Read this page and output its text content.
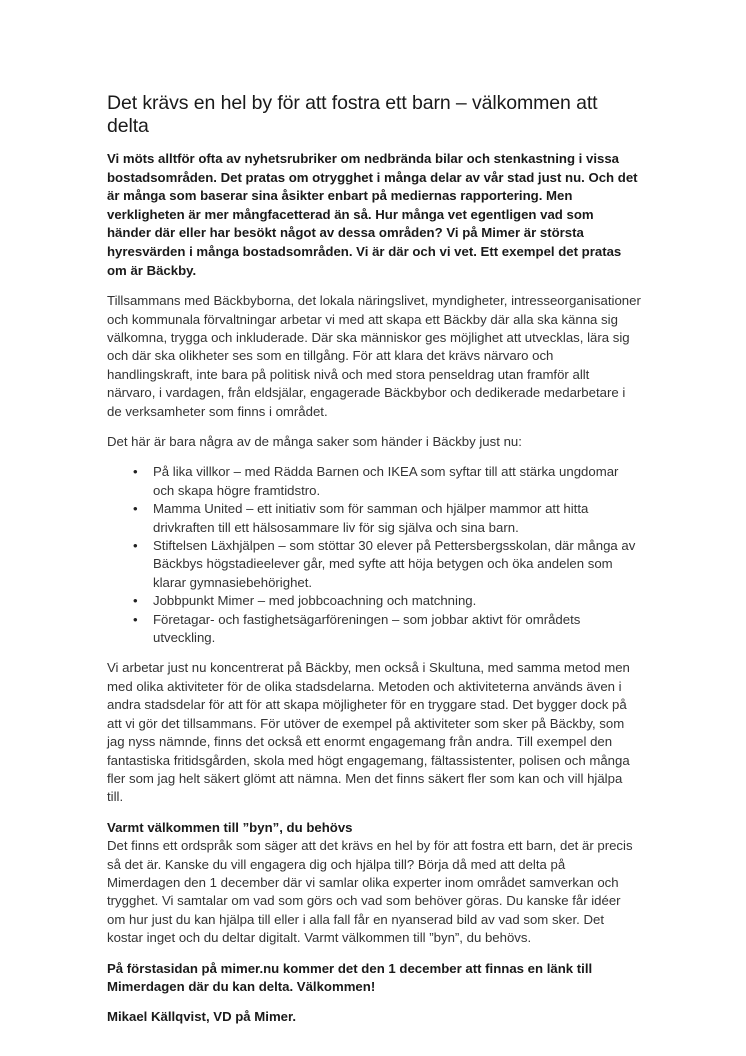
Det krävs en hel by för att fostra ett barn – välkommen att delta

Vi möts alltför ofta av nyhetsrubriker om nedbrända bilar och stenkastning i vissa bostadsområden. Det pratas om otrygghet i många delar av vår stad just nu. Och det är många som baserar sina åsikter enbart på mediernas rapportering. Men verkligheten är mer mångfacetterad än så. Hur många vet egentligen vad som händer där eller har besökt något av dessa områden? Vi på Mimer är största hyresvärden i många bostadsområden. Vi är där och vi vet. Ett exempel det pratas om är Bäckby.

Tillsammans med Bäckbyborna, det lokala näringslivet, myndigheter, intresseorganisationer och kommunala förvaltningar arbetar vi med att skapa ett Bäckby där alla ska känna sig välkomna, trygga och inkluderade. Där ska människor ges möjlighet att utvecklas, lära sig och där ska olikheter ses som en tillgång. För att klara det krävs närvaro och handlingskraft, inte bara på politisk nivå och med stora penseldrag utan framför allt närvaro, i vardagen, från eldsjälar, engagerade Bäckbybor och dedikerade medarbetare i de verksamheter som finns i området.

Det här är bara några av de många saker som händer i Bäckby just nu:

• På lika villkor – med Rädda Barnen och IKEA som syftar till att stärka ungdomar och skapa högre framtidstro.
• Mamma United – ett initiativ som för samman och hjälper mammor att hitta drivkraften till ett hälsosammare liv för sig själva och sina barn.
• Stiftelsen Läxhjälpen – som stöttar 30 elever på Pettersbergsskolan, där många av Bäckbys högstadieelever går, med syfte att höja betygen och öka andelen som klarar gymnasiebehörighet.
• Jobbpunkt Mimer – med jobbcoachning och matchning.
• Företagar- och fastighetsägarföreningen – som jobbar aktivt för områdets utveckling.

Vi arbetar just nu koncentrerat på Bäckby, men också i Skultuna, med samma metod men med olika aktiviteter för de olika stadsdelarna. Metoden och aktiviteterna används även i andra stadsdelar för att för att skapa möjligheter för en tryggare stad. Det bygger dock på att vi gör det tillsammans. För utöver de exempel på aktiviteter som sker på Bäckby, som jag nyss nämnde, finns det också ett enormt engagemang från andra. Till exempel den fantastiska fritidsgården, skola med högt engagemang, fältassistenter, polisen och många fler som jag helt säkert glömt att nämna. Men det finns säkert fler som kan och vill hjälpa till.

Varmt välkommen till ”byn”, du behövs

Det finns ett ordspråk som säger att det krävs en hel by för att fostra ett barn, det är precis så det är. Kanske du vill engagera dig och hjälpa till? Börja då med att delta på Mimerdagen den 1 december där vi samlar olika experter inom området samverkan och trygghet. Vi samtalar om vad som görs och vad som behöver göras. Du kanske får idéer om hur just du kan hjälpa till eller i alla fall får en nyanserad bild av vad som sker. Det kostar inget och du deltar digitalt. Varmt välkommen till ”byn”, du behövs.

På förstasidan på mimer.nu kommer det den 1 december att finnas en länk till Mimerdagen där du kan delta. Välkommen!

Mikael Källqvist, VD på Mimer.
